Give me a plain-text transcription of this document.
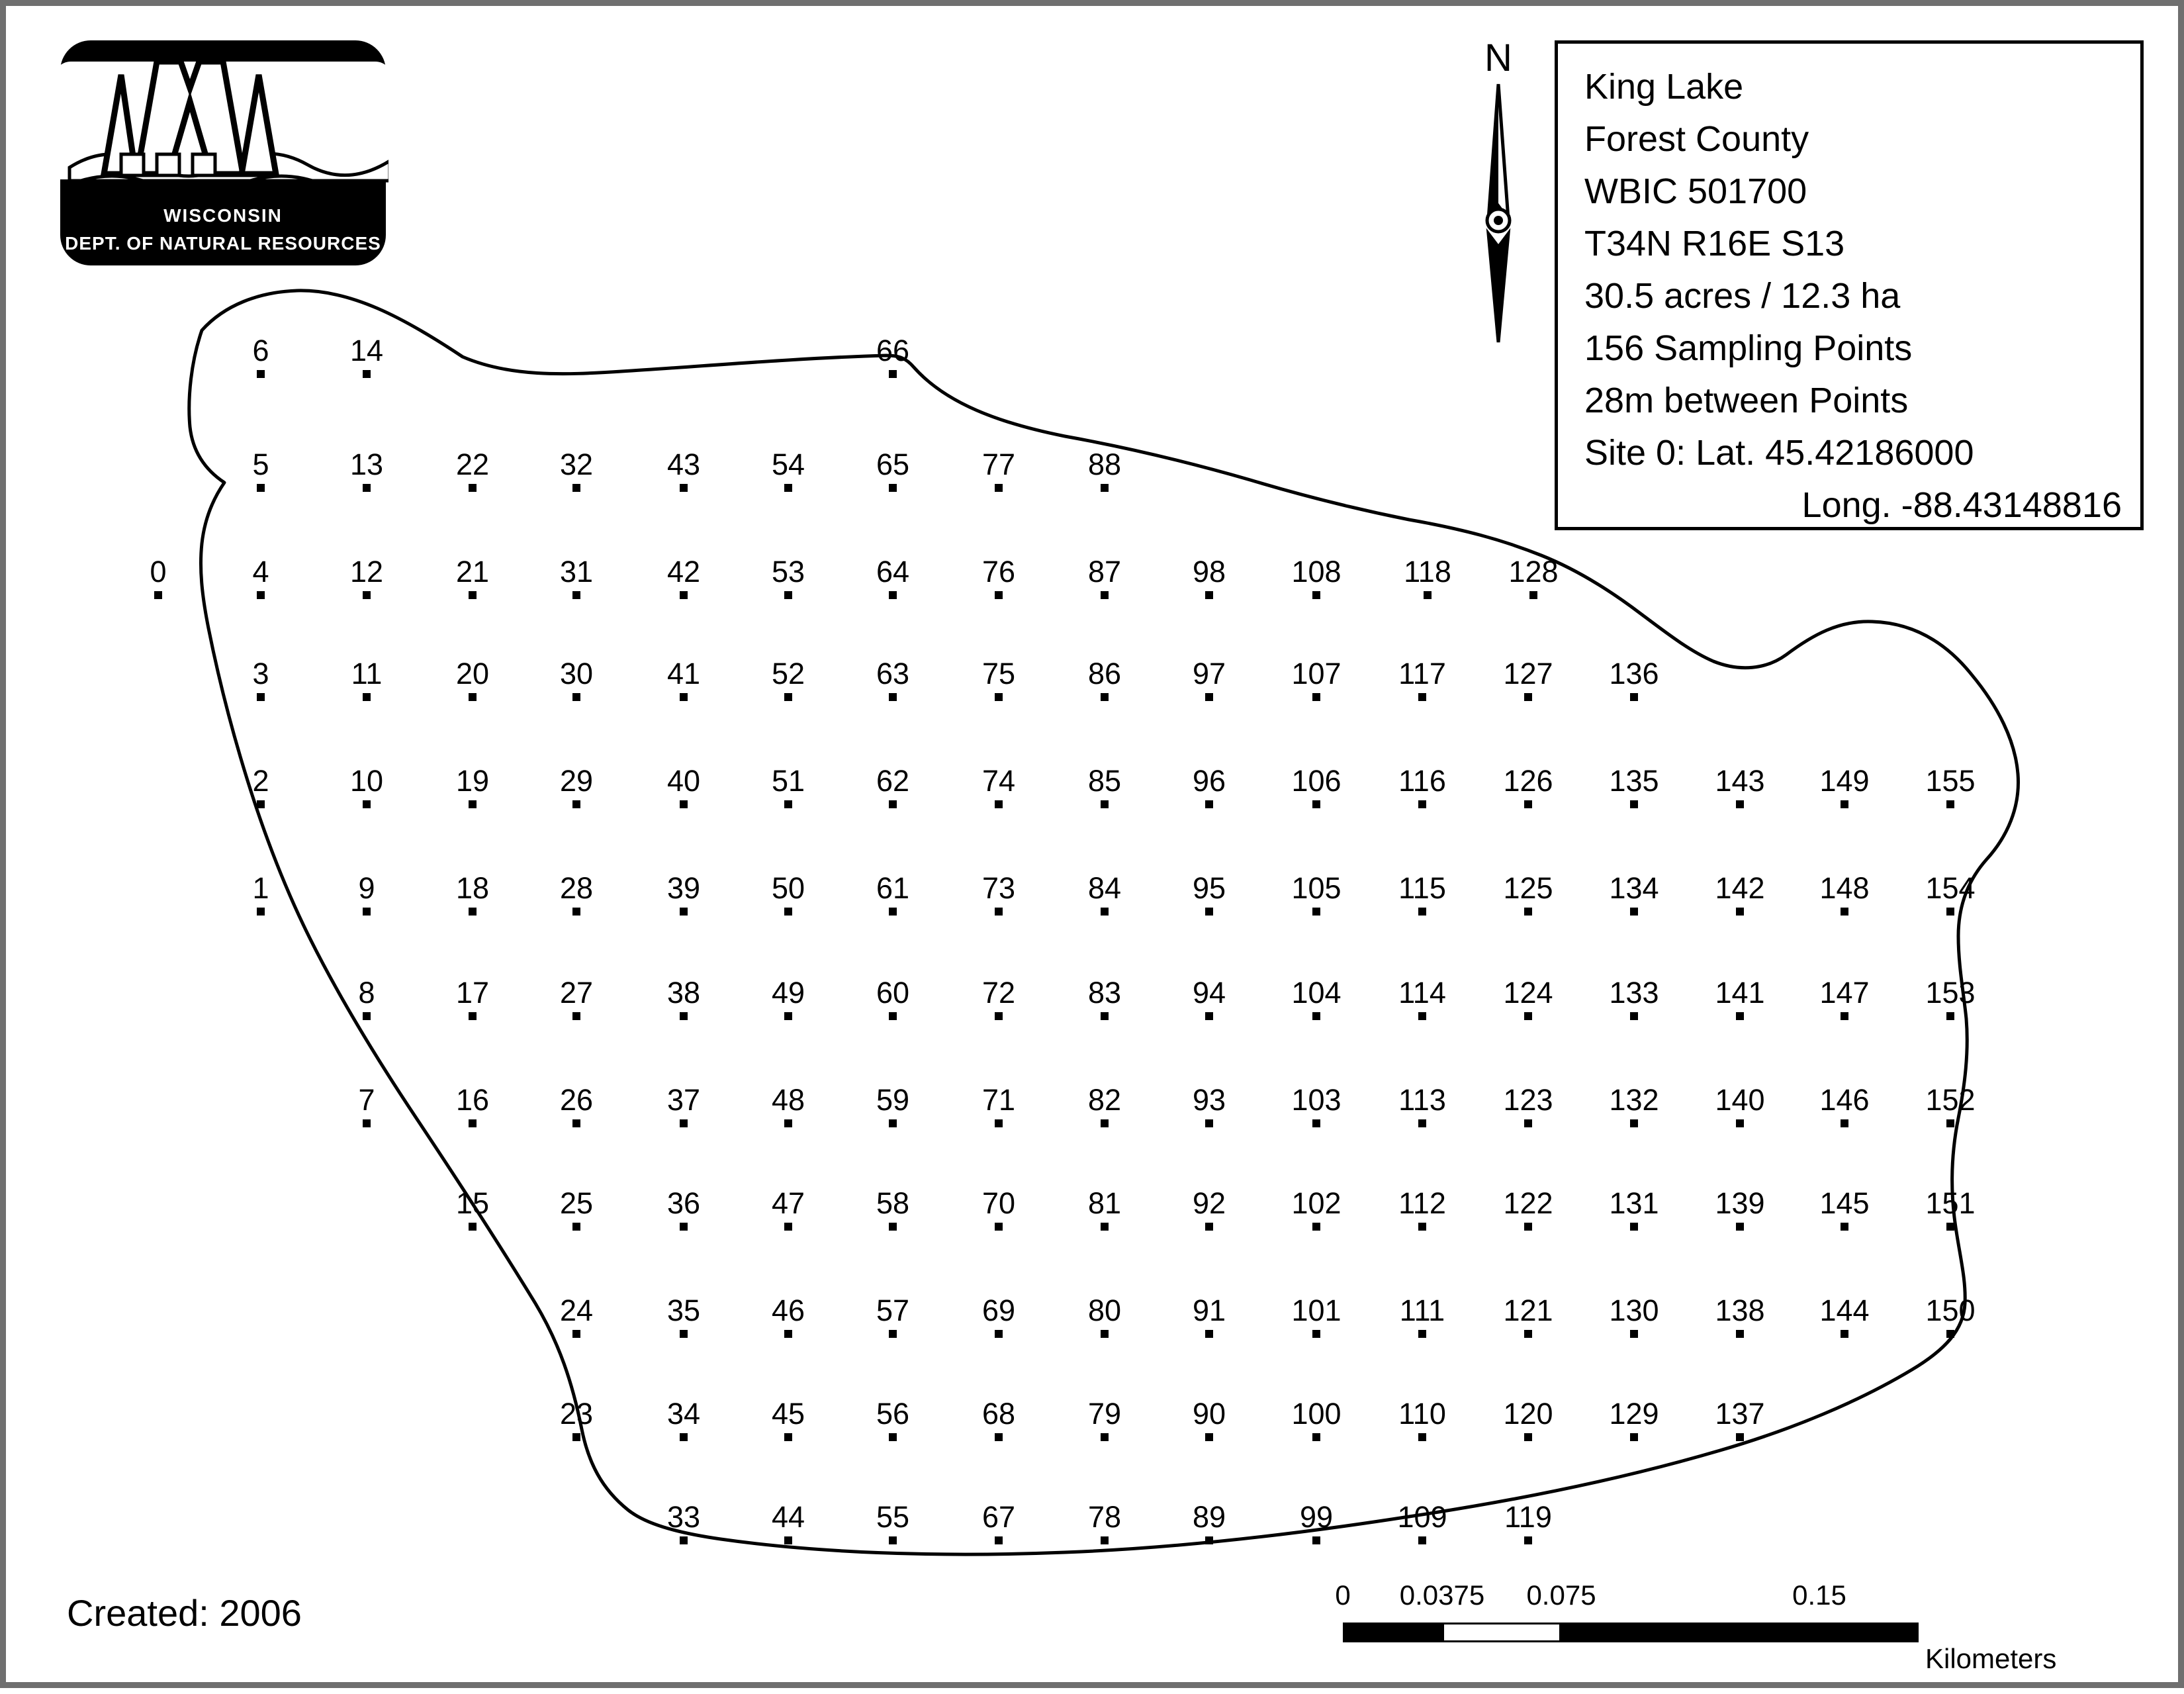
WISCONSIN
DEPT. OF NATURAL RESOURCES
N
King Lake
Forest County
WBIC 501700
T34N R16E S13
30.5 acres / 12.3 ha
156 Sampling Points
28m between Points
Site 0: Lat. 45.42186000
Long. -88.43148816
6	14	66
5	13 22 32 43 54 65 77 88
0	4	12 21 31 42 53 64 76 87 98 108 118 128
3	11 20 30 41 52 63 75 86 97 107 117 127 136
2	10 19 29 40 51 62 74 85 96 106 116 126 135 143 149 155
1	9	18 28 39 50 61 73 84 95 105 115 125 134 142 148 154
8	17 27 38 49 60 72 83 94 104 114 124 133 141 147 153
7	16 26 37 48 59 71 82 93 103 113 123 132 140 146 152
15 25 36 47 58 70 81 92 102 112 122 131 139 145 151
24 35 46 57 69 80 91 101 111 121 130 138 144 150
23 34 45 56 68 79 90 100 110 120 129 137
33 44 55 67 78 89 99 109 119
Created: 2006	0 0.0375 0.075	0.15
Kilometers
